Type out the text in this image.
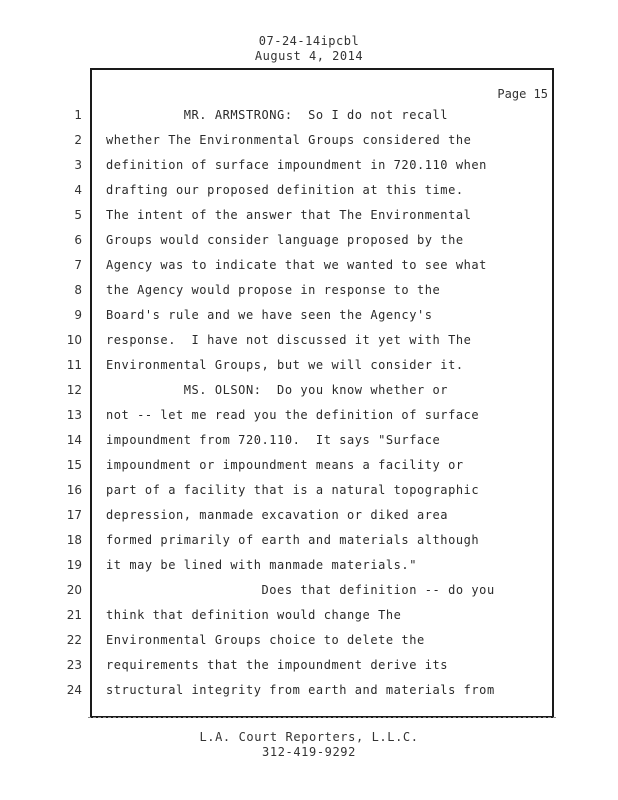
07-24-14ipcbl
August 4, 2014
Page 15
1 MR. ARMSTRONG:  So I do not recall
2 whether The Environmental Groups considered the
3 definition of surface impoundment in 720.110 when
4 drafting our proposed definition at this time.
5 The intent of the answer that The Environmental
6 Groups would consider language proposed by the
7 Agency was to indicate that we wanted to see what
8 the Agency would propose in response to the
9 Board's rule and we have seen the Agency's
10 response.  I have not discussed it yet with The
11 Environmental Groups, but we will consider it.
12 MS. OLSON:  Do you know whether or
13 not -- let me read you the definition of surface
14 impoundment from 720.110.  It says "Surface
15 impoundment or impoundment means a facility or
16 part of a facility that is a natural topographic
17 depression, manmade excavation or diked area
18 formed primarily of earth and materials although
19 it may be lined with manmade materials."
20 Does that definition -- do you
21 think that definition would change The
22 Environmental Groups choice to delete the
23 requirements that the impoundment derive its
24 structural integrity from earth and materials from
L.A. Court Reporters, L.L.C.
312-419-9292
